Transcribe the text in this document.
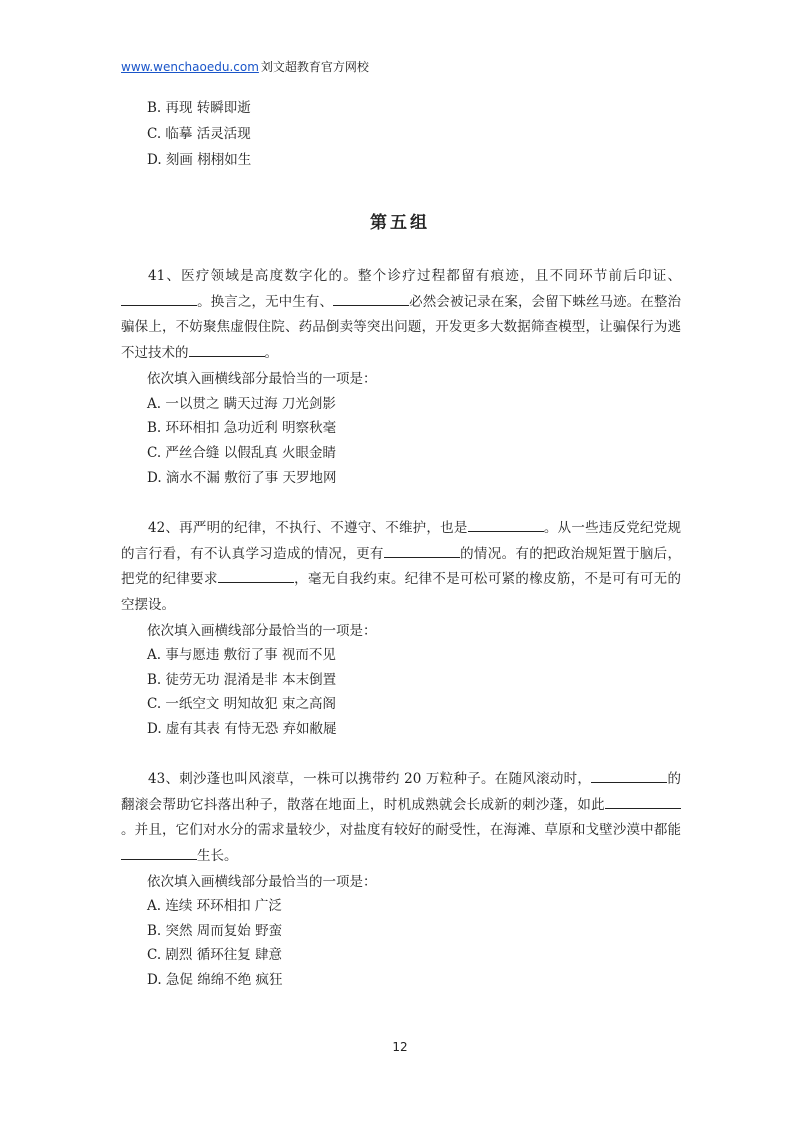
www.wenchaoedu.com 刘文超教育官方网校
B. 再现 转瞬即逝
C. 临摹 活灵活现
D. 刻画 栩栩如生
第五组
41、医疗领域是高度数字化的。整个诊疗过程都留有痕迹，且不同环节前后印证、。换言之，无中生有、	必然会被记录在案，会留下蛛丝马迹。在整治骗保上，不妨聚焦虚假住院、药品倒卖等突出问题，开发更多大数据筛查模型，让骗保行为逃不过技术的	。
依次填入画横线部分最恰当的一项是：
A. 一以贯之 瞒天过海 刀光剑影
B. 环环相扣 急功近利 明察秋毫
C. 严丝合缝 以假乱真 火眼金睛
D. 滴水不漏 敷衍了事 天罗地网
42、再严明的纪律，不执行、不遵守、不维护，也是	。从一些违反党纪党规的言行看，有不认真学习造成的情况，更有	的情况。有的把政治规矩置于脑后，把党的纪律要求	，毫无自我约束。纪律不是可松可紧的橡皮筋，不是可有可无的空摆设。
依次填入画横线部分最恰当的一项是：
A. 事与愿违 敷衍了事 视而不见
B. 徒劳无功 混淆是非 本末倒置
C. 一纸空文 明知故犯 束之高阁
D. 虚有其表 有恃无恐 弃如敝屣
43、刺沙蓬也叫风滚草，一株可以携带约 20 万粒种子。在随风滚动时，	的翻滚会帮助它抖落出种子，散落在地面上，时机成熟就会长成新的刺沙蓬，如此。并且，它们对水分的需求量较少，对盐度有较好的耐受性，在海滩、草原和戈壁沙漠中都能生长。
依次填入画横线部分最恰当的一项是：
A. 连续 环环相扣 广泛
B. 突然 周而复始 野蛮
C. 剧烈 循环往复 肆意
D. 急促 绵绵不绝 疯狂
12
